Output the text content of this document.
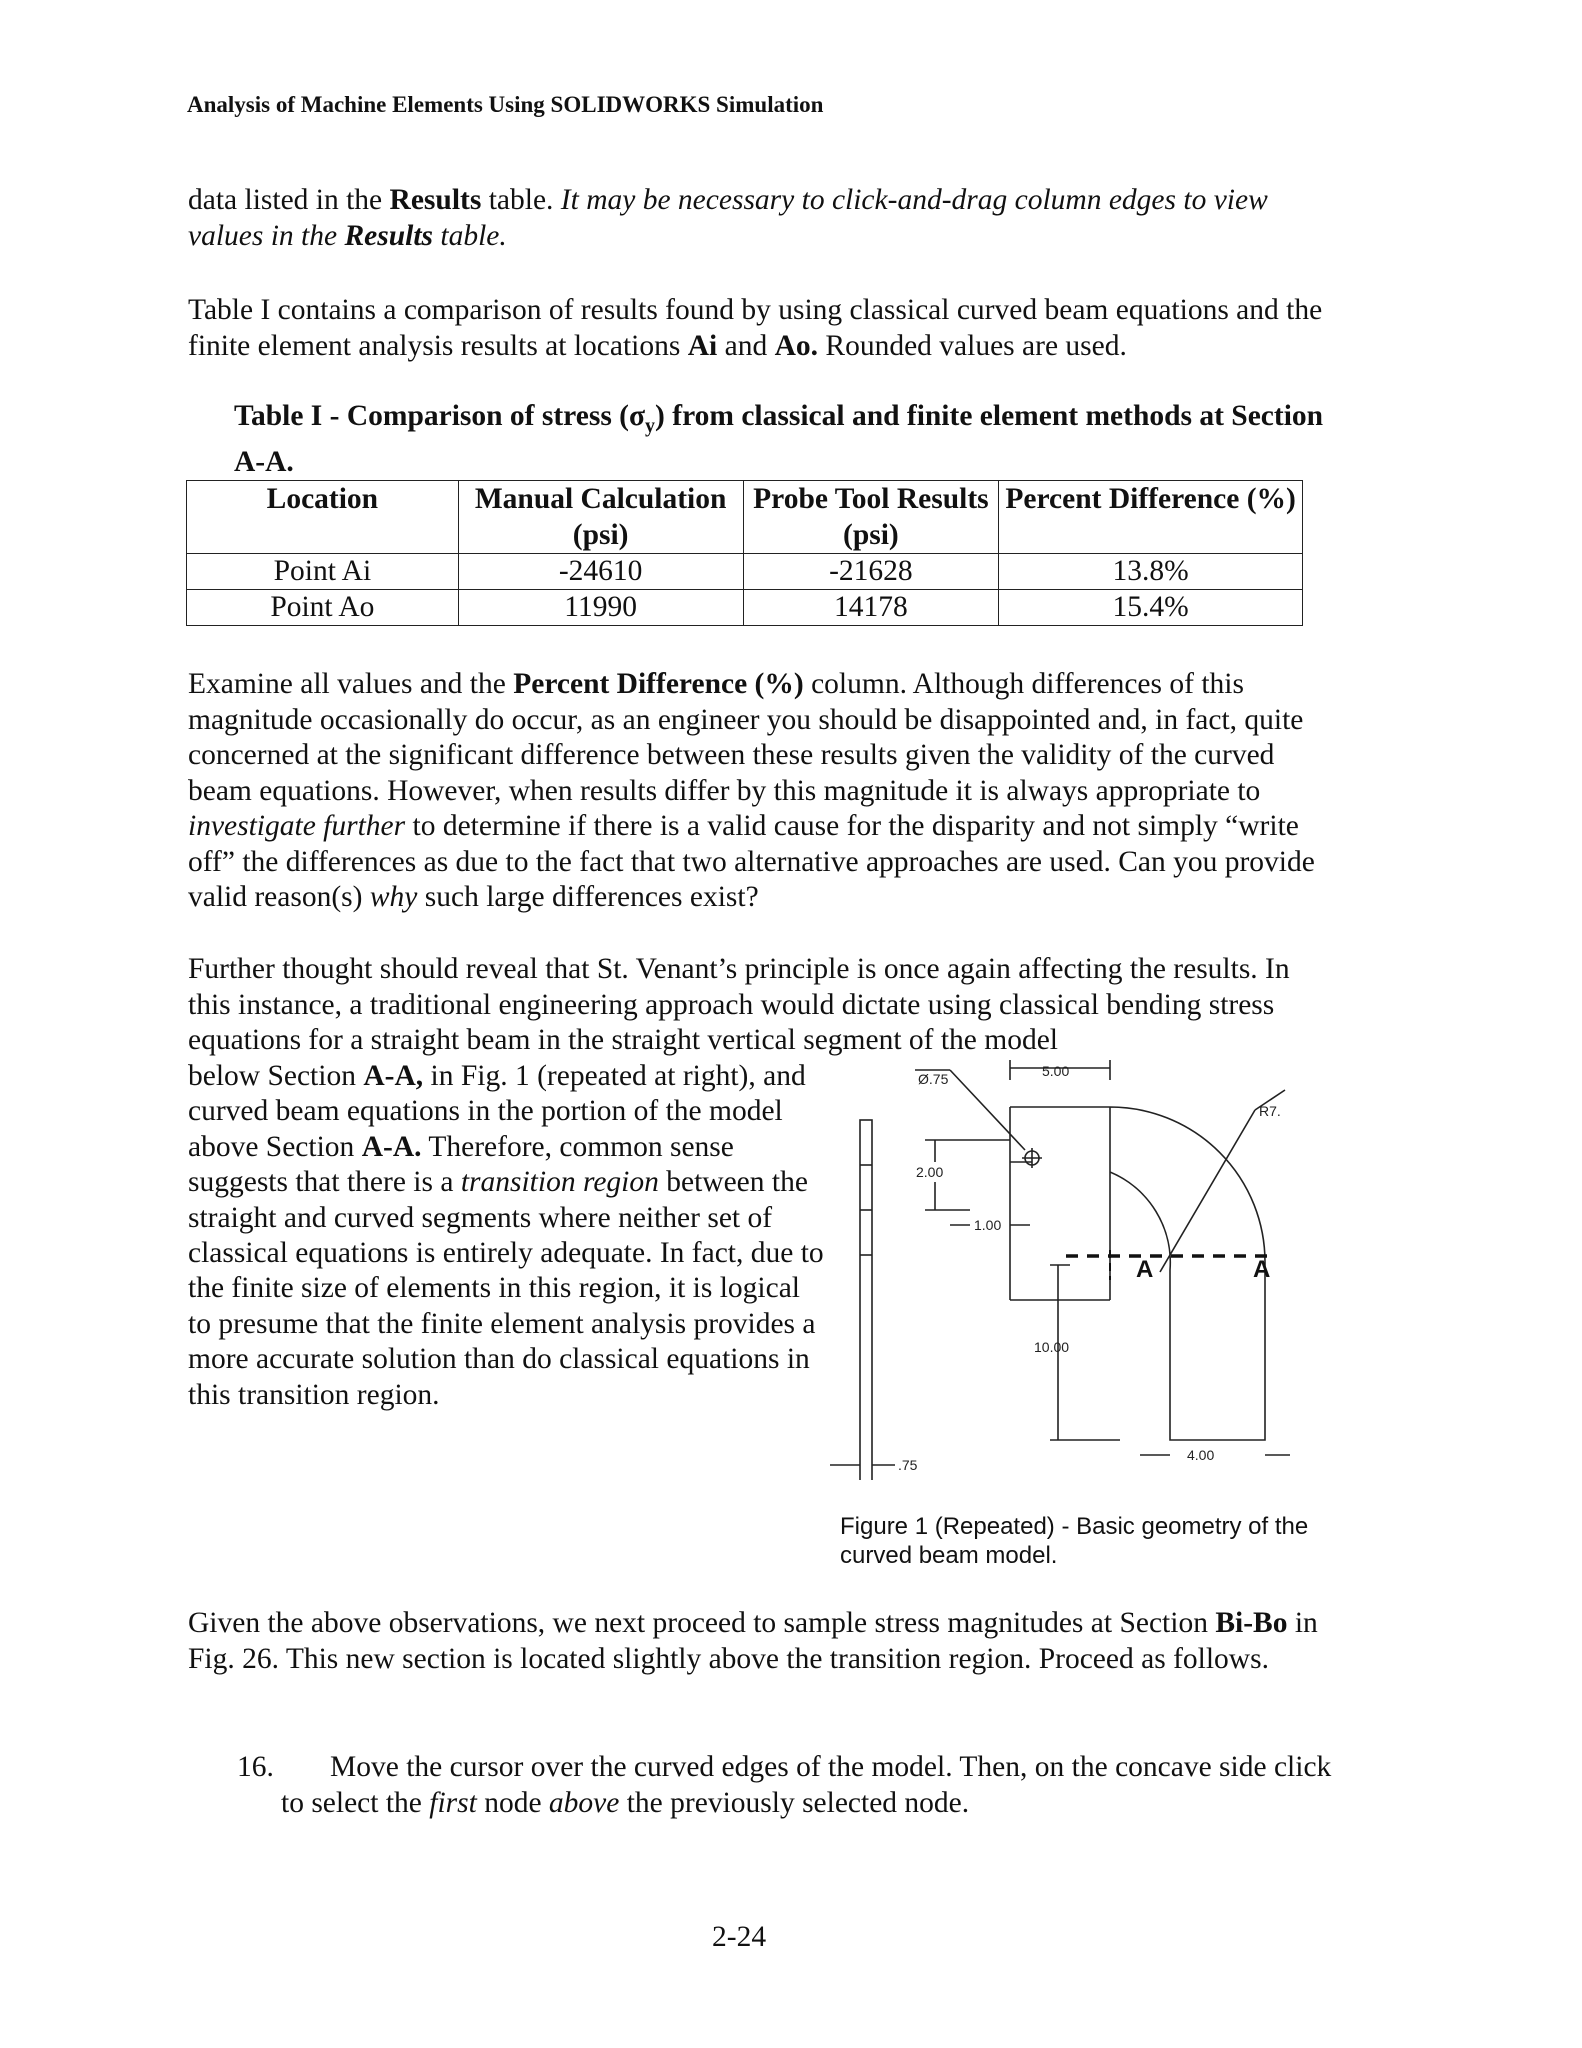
Analysis of Machine Elements Using SOLIDWORKS Simulation
data listed in the Results table. It may be necessary to click-and-drag column edges to view values in the Results table.
Table I contains a comparison of results found by using classical curved beam equations and the finite element analysis results at locations Ai and Ao. Rounded values are used.
Table I - Comparison of stress $(\sigma_y)$ from classical and finite element methods at Section A-A.
Location	Manual Calculation (psi)	Probe Tool Results (psi)	Percent Difference (%)
Point Ai	-24610	-21628	13.8%
Point Ao	11990	14178	15.4%
Examine all values and the Percent Difference (%) column. Although differences of this magnitude occasionally do occur, as an engineer you should be disappointed and, in fact, quite concerned at the significant difference between these results given the validity of the curved beam equations. However, when results differ by this magnitude it is always appropriate to investigate further to determine if there is a valid cause for the disparity and not simply “write off” the differences as due to the fact that two alternative approaches are used. Can you provide valid reason(s) why such large differences exist?
Further thought should reveal that St. Venant’s principle is once again affecting the results. In this instance, a traditional engineering approach would dictate using classical bending stress equations for a straight beam in the straight vertical segment of the model
below Section A-A, in Fig. 1 (repeated at right), and curved beam equations in the portion of the model above Section A-A. Therefore, common sense suggests that there is a transition region between the straight and curved segments where neither set of classical equations is entirely adequate. In fact, due to the finite size of elements in this region, it is logical to presume that the finite element analysis provides a more accurate solution than do classical equations in this transition region.
Ø.75	5.00
R7.
2.00
1.00
10.00
.75
4.00
A	A
Figure 1 (Repeated) - Basic geometry of the curved beam model.
Given the above observations, we next proceed to sample stress magnitudes at Section Bi-Bo in Fig. 26. This new section is located slightly above the transition region. Proceed as follows.
16.	Move the cursor over the curved edges of the model. Then, on the concave side click to select the first node above the previously selected node.
2-24
